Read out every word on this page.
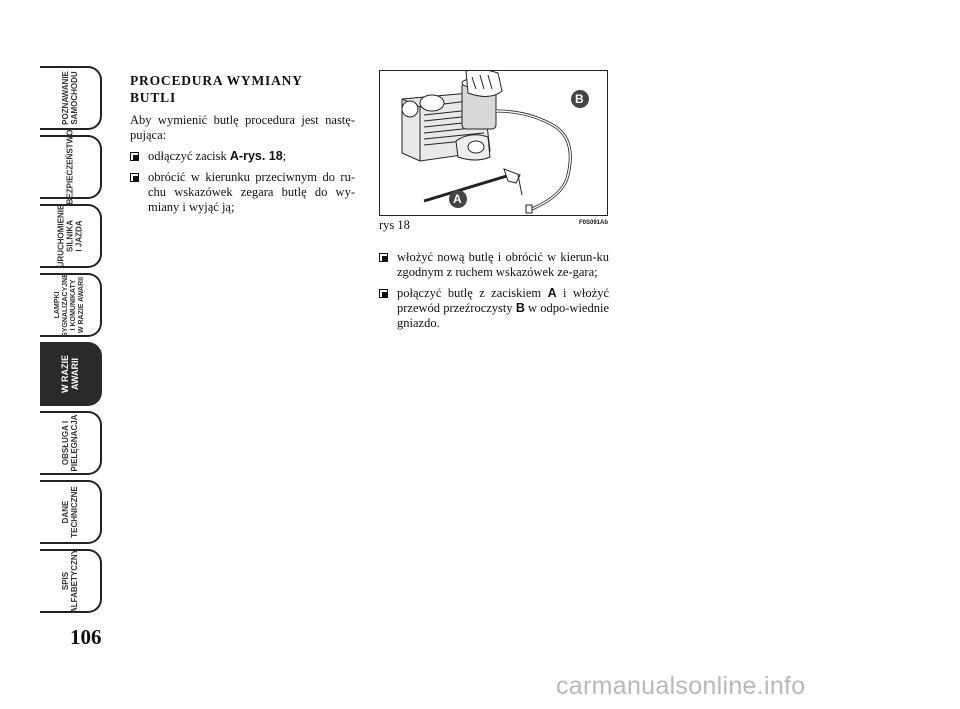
POZNAWANIE
SAMOCHODU
BEZPIECZEŃSTWO
URUCHOMIENIE
SILNIKA
I JAZDA
LAMPKI
SYGNALIZACYJNE
I KOMUNIKATY
W RAZIE AWARII
W RAZIE
AWARII
OBSŁUGA I
PIELĘGNACJA
DANE
TECHNICZNE
SPIS
ALFABETYCZNY
106
PROCEDURA WYMIANY
BUTLI

Aby wymienić butlę procedura jest nastę-pująca:

odłączyć zacisk A-rys. 18;
obrócić w kierunku przeciwnym do ru-chu wskazówek zegara butlę do wy-miany i wyjąć ją;
B
A
rys 18	F0S091Ab
włożyć nową butlę i obrócić w kierun-ku zgodnym z ruchem wskazówek ze-gara;
połączyć butlę z zaciskiem A i włożyć przewód przeźroczysty B w odpo-wiednie gniazdo.
carmanualsonline.info
